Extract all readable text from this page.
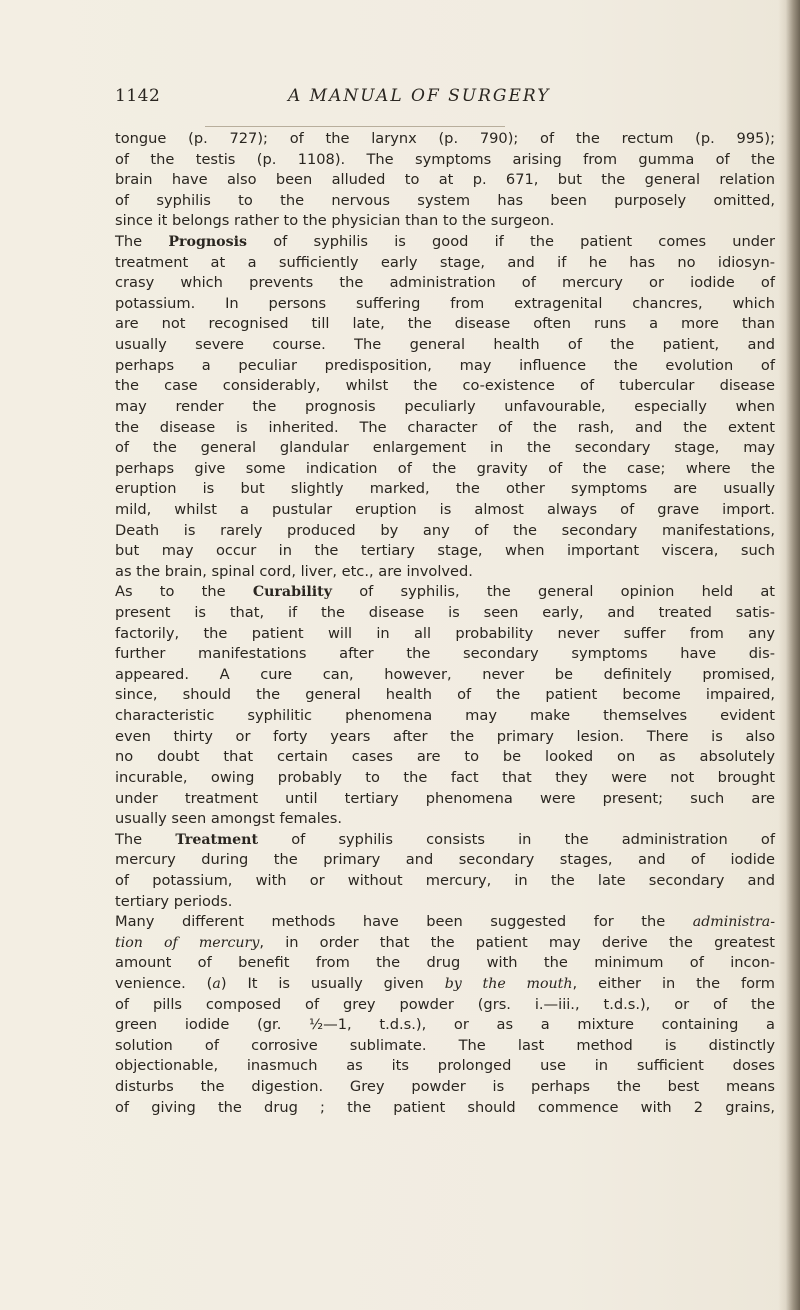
1142	A MANUAL OF SURGERY
tongue (p. 727); of the larynx (p. 790); of the rectum (p. 995);
of the testis (p. 1108). The symptoms arising from gumma of the
brain have also been alluded to at p. 671, but the general relation
of syphilis to the nervous system has been purposely omitted,
since it belongs rather to the physician than to the surgeon.
The Prognosis of syphilis is good if the patient comes under
treatment at a sufficiently early stage, and if he has no idiosyn-
crasy which prevents the administration of mercury or iodide of
potassium. In persons suffering from extragenital chancres, which
are not recognised till late, the disease often runs a more than
usually severe course. The general health of the patient, and
perhaps a peculiar predisposition, may influence the evolution of
the case considerably, whilst the co-existence of tubercular disease
may render the prognosis peculiarly unfavourable, especially when
the disease is inherited. The character of the rash, and the extent
of the general glandular enlargement in the secondary stage, may
perhaps give some indication of the gravity of the case; where the
eruption is but slightly marked, the other symptoms are usually
mild, whilst a pustular eruption is almost always of grave import.
Death is rarely produced by any of the secondary manifestations,
but may occur in the tertiary stage, when important viscera, such
as the brain, spinal cord, liver, etc., are involved.
As to the Curability of syphilis, the general opinion held at
present is that, if the disease is seen early, and treated satis-
factorily, the patient will in all probability never suffer from any
further manifestations after the secondary symptoms have dis-
appeared. A cure can, however, never be definitely promised,
since, should the general health of the patient become impaired,
characteristic syphilitic phenomena may make themselves evident
even thirty or forty years after the primary lesion. There is also
no doubt that certain cases are to be looked on as absolutely
incurable, owing probably to the fact that they were not brought
under treatment until tertiary phenomena were present; such are
usually seen amongst females.
The Treatment of syphilis consists in the administration of
mercury during the primary and secondary stages, and of iodide
of potassium, with or without mercury, in the late secondary and
tertiary periods.
Many different methods have been suggested for the administra-
tion of mercury, in order that the patient may derive the greatest
amount of benefit from the drug with the minimum of incon-
venience. (a) It is usually given by the mouth, either in the form
of pills composed of grey powder (grs. i.—iii., t.d.s.), or of the
green iodide (gr. ½—1, t.d.s.), or as a mixture containing a
solution of corrosive sublimate. The last method is distinctly
objectionable, inasmuch as its prolonged use in sufficient doses
disturbs the digestion. Grey powder is perhaps the best means
of giving the drug ; the patient should commence with 2 grains,
